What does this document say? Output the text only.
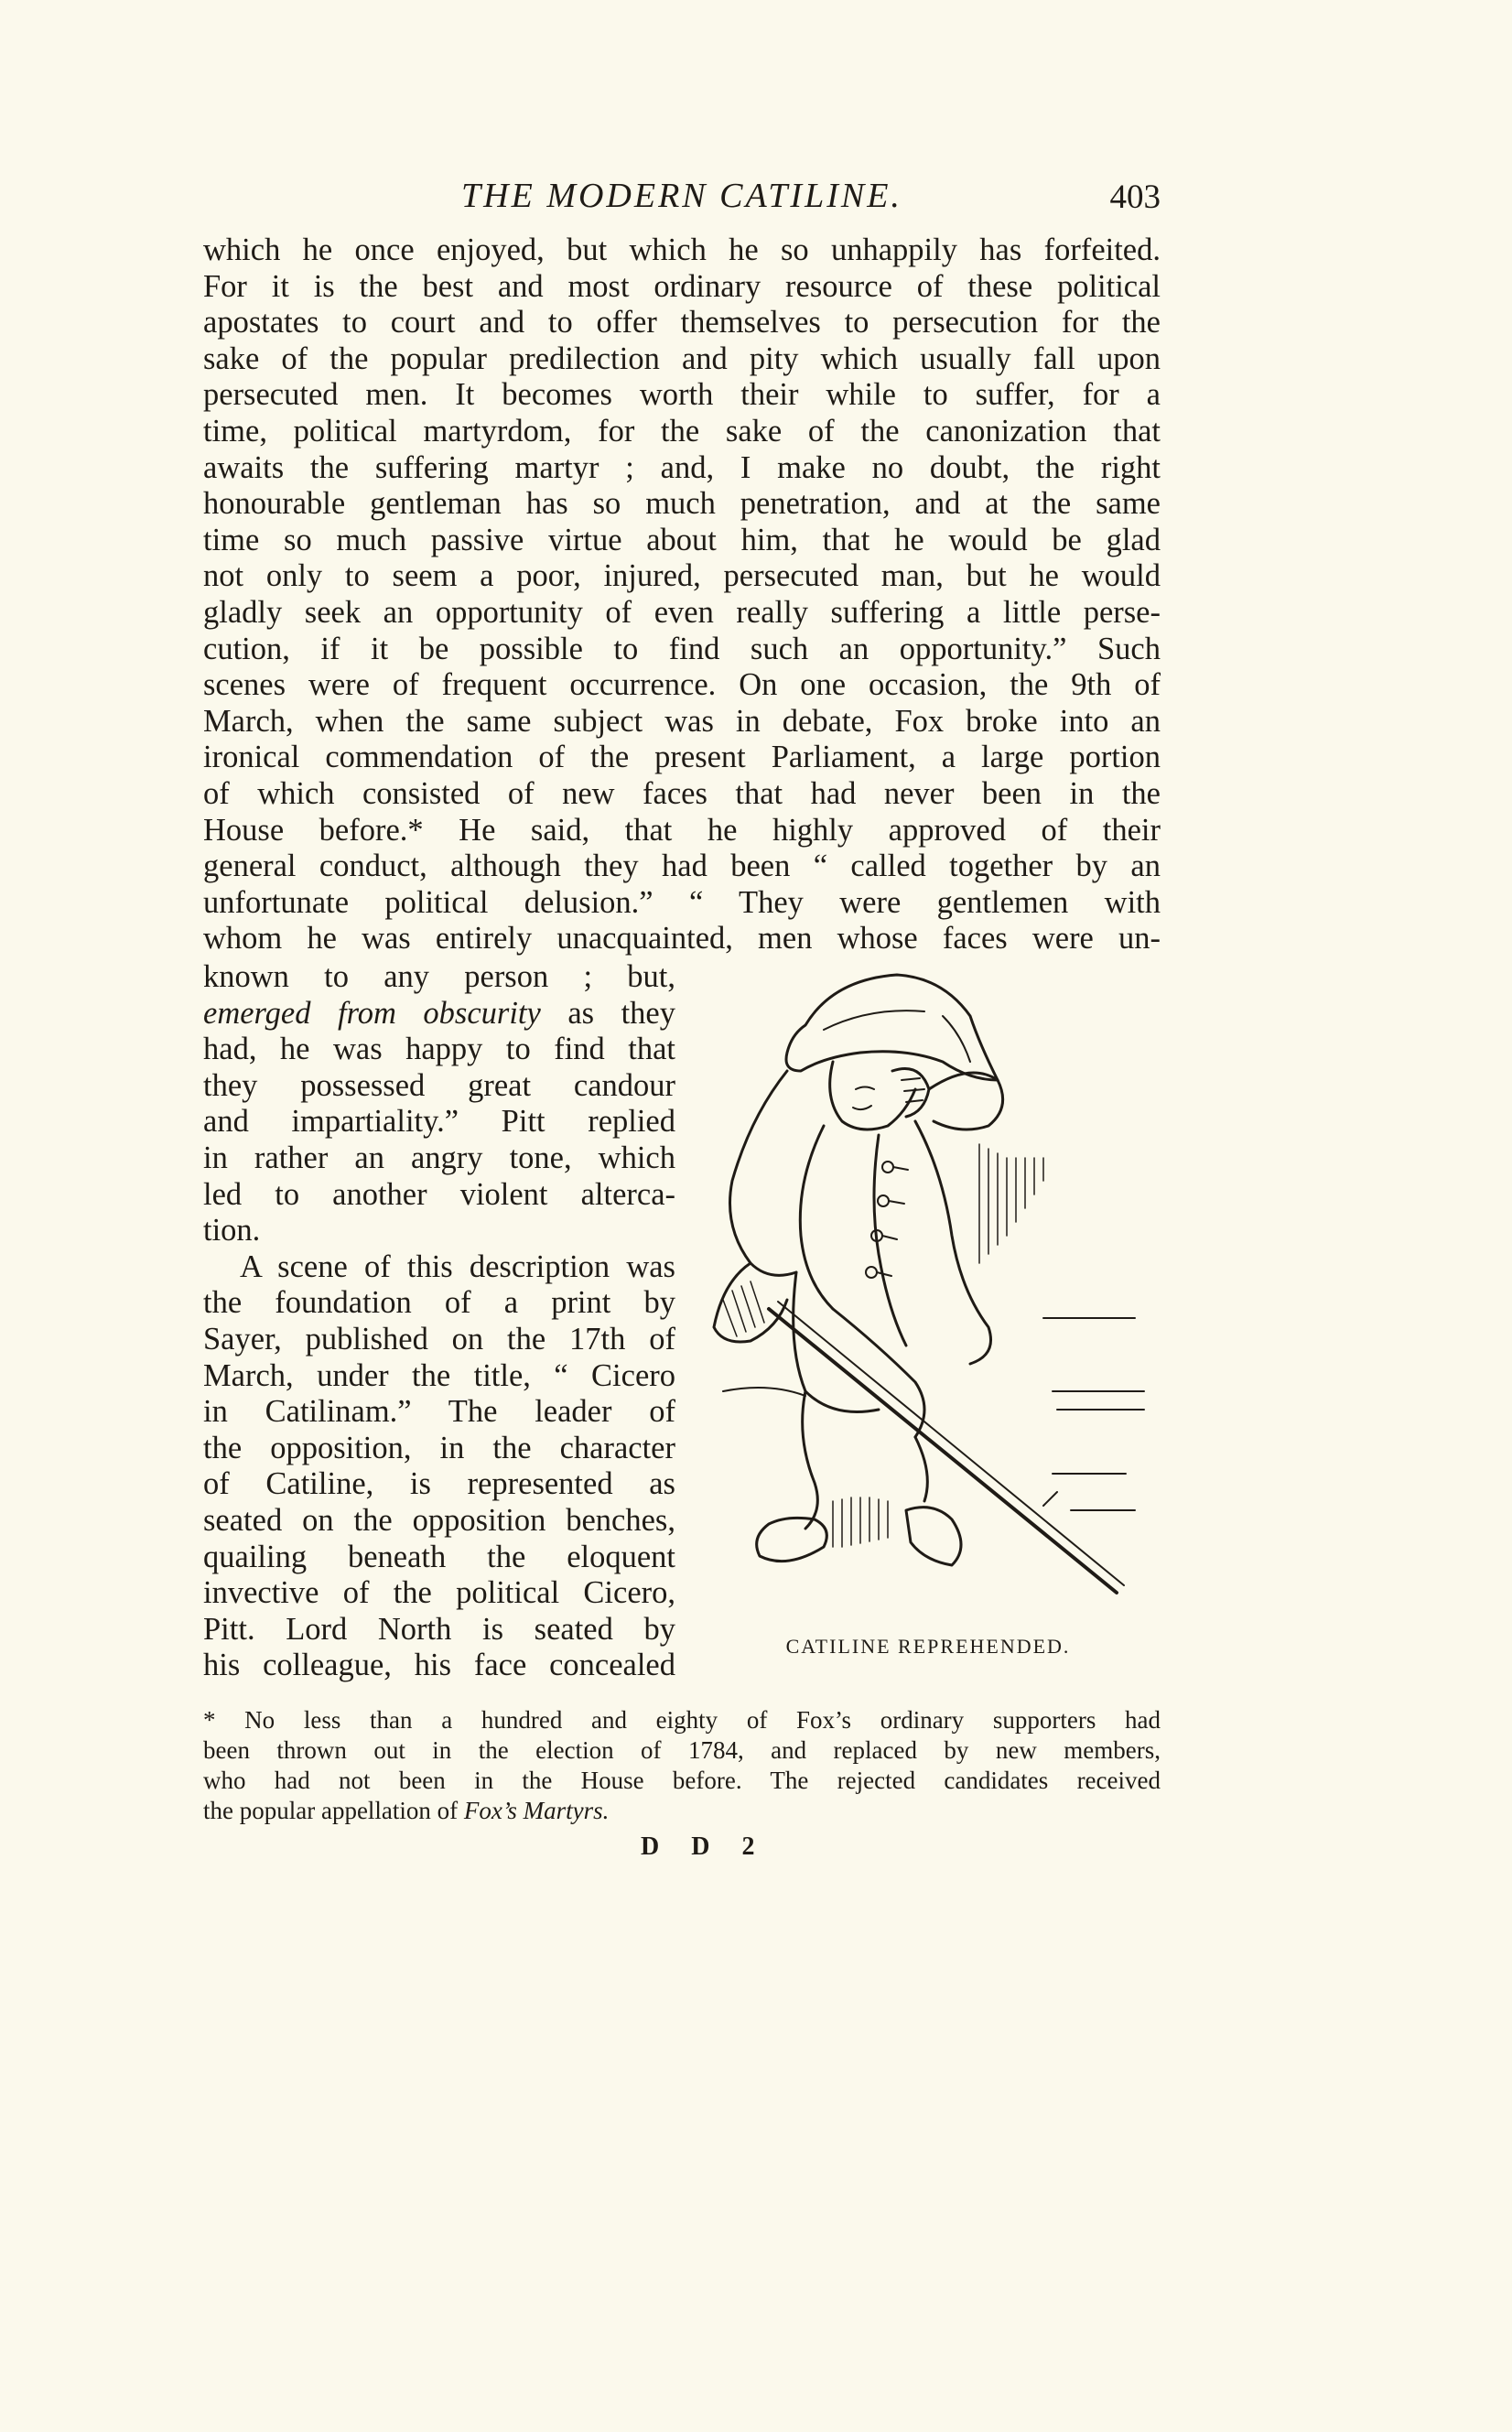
THE MODERN CATILINE.	403
which he once enjoyed, but which he so unhappily has forfeited.
For it is the best and most ordinary resource of these political
apostates to court and to offer themselves to persecution for the
sake of the popular predilection and pity which usually fall upon
persecuted men. It becomes worth their while to suffer, for a
time, political martyrdom, for the sake of the canonization that
awaits the suffering martyr ; and, I make no doubt, the right
honourable gentleman has so much penetration, and at the same
time so much passive virtue about him, that he would be glad
not only to seem a poor, injured, persecuted man, but he would
gladly seek an opportunity of even really suffering a little perse-
cution, if it be possible to find such an opportunity.” Such
scenes were of frequent occurrence. On one occasion, the 9th of
March, when the same subject was in debate, Fox broke into an
ironical commendation of the present Parliament, a large portion
of which consisted of new faces that had never been in the
House before.* He said, that he highly approved of their
general conduct, although they had been “ called together by an
unfortunate political delusion.” “ They were gentlemen with
whom he was entirely unacquainted, men whose faces were un-
known to any person ; but,
emerged from obscurity as they
had, he was happy to find that
they possessed great candour
and impartiality.” Pitt replied
in rather an angry tone, which
led to another violent alterca-
tion.
A scene of this description was
the foundation of a print by
Sayer, published on the 17th of
March, under the title, “ Cicero
in Catilinam.” The leader of
the opposition, in the character
of Catiline, is represented as
seated on the opposition benches,
quailing beneath the eloquent
invective of the political Cicero,
Pitt. Lord North is seated by
his colleague, his face concealed
CATILINE REPREHENDED.
* No less than a hundred and eighty of Fox’s ordinary supporters had
been thrown out in the election of 1784, and replaced by new members,
who had not been in the House before. The rejected candidates received
the popular appellation of Fox’s Martyrs.
D D 2
